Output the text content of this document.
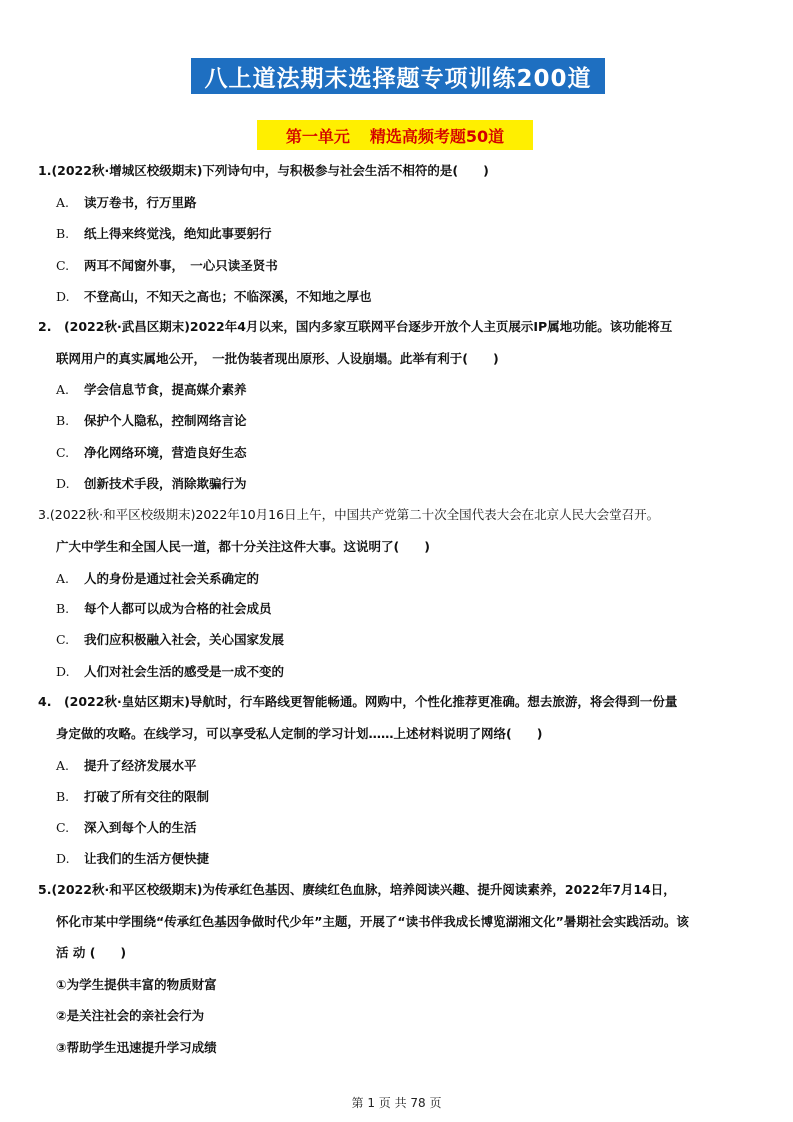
八上道法期末选择题专项训练200道
第一单元 精选高频考题50道
1.(2022秋·增城区校级期末)下列诗句中，与积极参与社会生活不相符的是(　　)
A. 读万卷书，行万里路
B. 纸上得来终觉浅，绝知此事要躬行
C. 两耳不闻窗外事，　一心只读圣贤书
D. 不登高山，不知天之高也；不临深溪，不知地之厚也
2.　(2022秋·武昌区期末)2022年4月以来，国内多家互联网平台逐步开放个人主页展示IP属地功能。该功能将互
联网用户的真实属地公开，　一批伪装者现出原形、人设崩塌。此举有利于(　　)
A. 学会信息节食，提高媒介素养
B. 保护个人隐私，控制网络言论
C. 净化网络环境，营造良好生态
D. 创新技术手段，消除欺骗行为
3.(2022秋·和平区校级期末)2022年10月16日上午，中国共产党第二十次全国代表大会在北京人民大会堂召开。
广大中学生和全国人民一道，都十分关注这件大事。这说明了(　　)
A. 人的身份是通过社会关系确定的
B. 每个人都可以成为合格的社会成员
C. 我们应积极融入社会，关心国家发展
D. 人们对社会生活的感受是一成不变的
4.　(2022秋·皇姑区期末)导航时，行车路线更智能畅通。网购中，个性化推荐更准确。想去旅游，将会得到一份量
身定做的攻略。在线学习，可以享受私人定制的学习计划……上述材料说明了网络(　　)
A. 提升了经济发展水平
B. 打破了所有交往的限制
C. 深入到每个人的生活
D. 让我们的生活方便快捷
5.(2022秋·和平区校级期末)为传承红色基因、赓续红色血脉，培养阅读兴趣、提升阅读素养，2022年7月14日，
怀化市某中学围绕“传承红色基因争做时代少年”主题，开展了“读书伴我成长博览湖湘文化”暑期社会实践活动。该
活 动 (　　)
①为学生提供丰富的物质财富
②是关注社会的亲社会行为
③帮助学生迅速提升学习成绩
第 1 页 共 78 页
